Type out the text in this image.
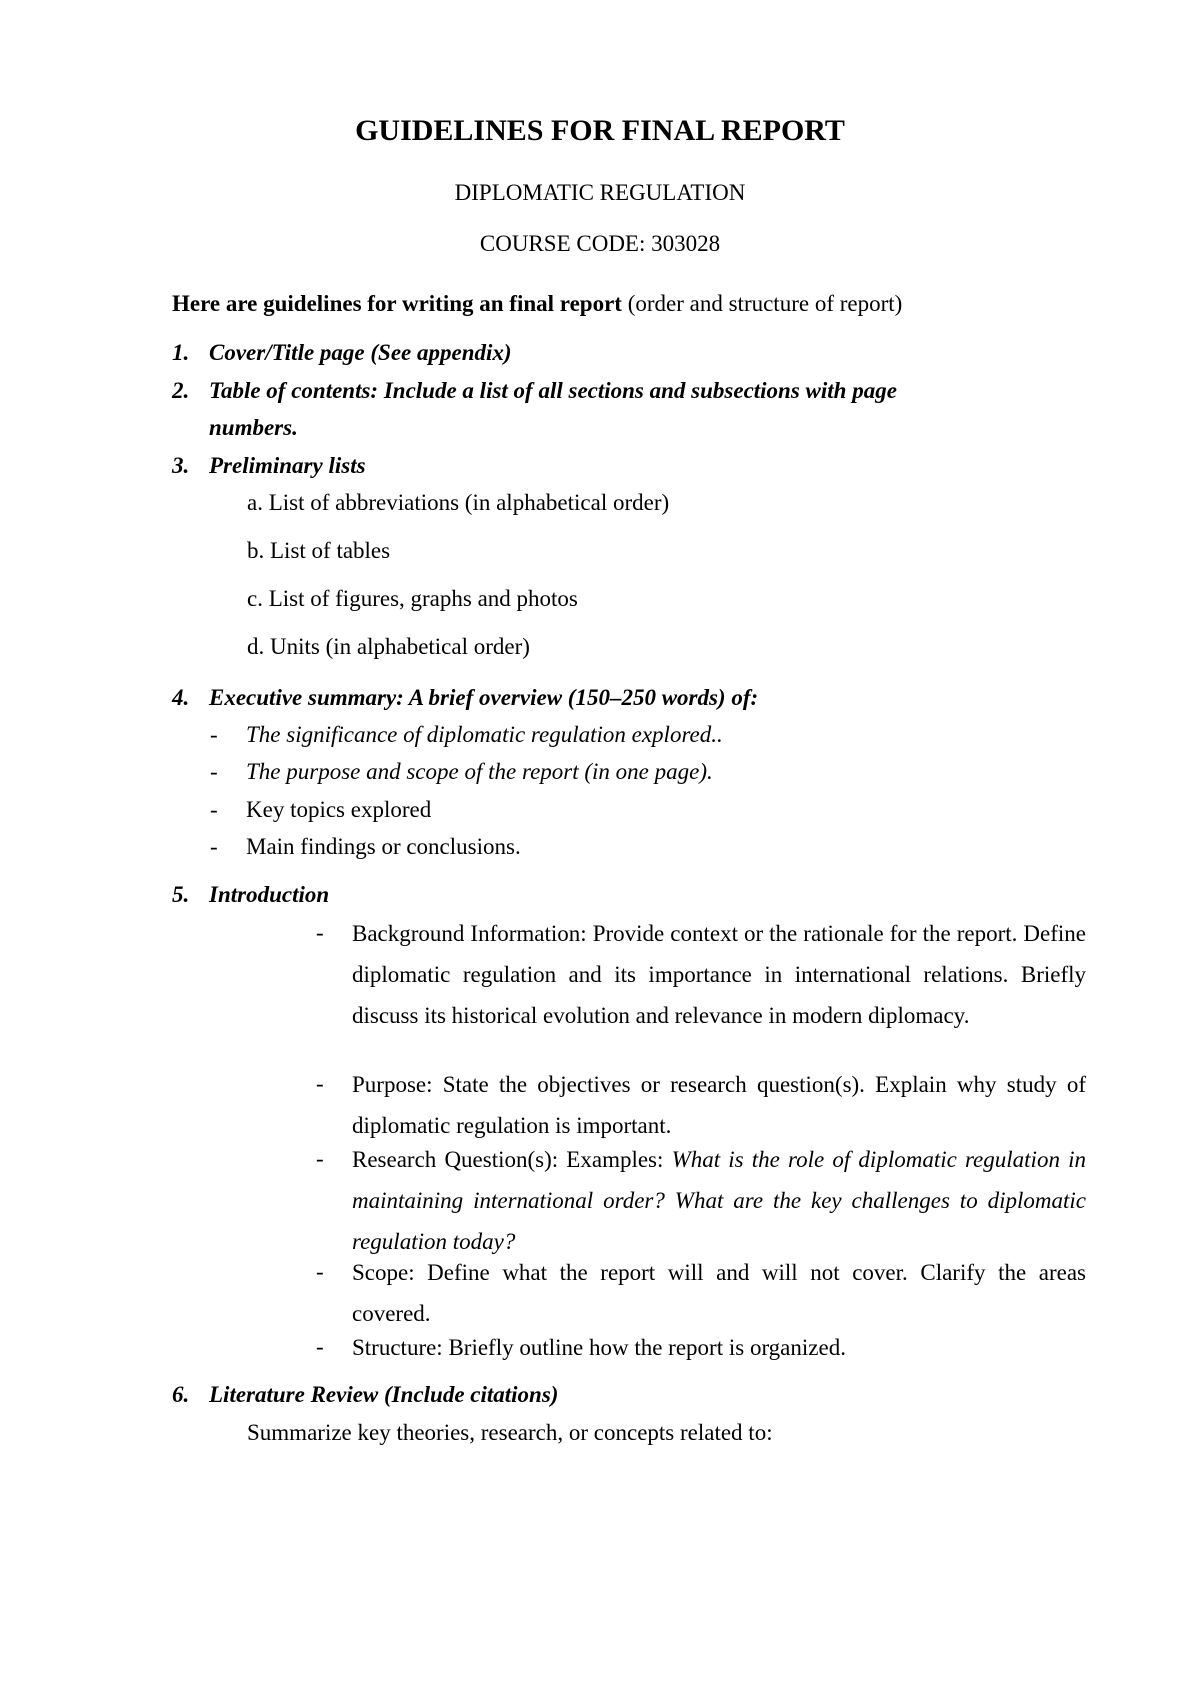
GUIDELINES FOR FINAL REPORT
DIPLOMATIC REGULATION
COURSE CODE: 303028
Here are guidelines for writing an final report (order and structure of report)
1. Cover/Title page (See appendix)
2. Table of contents: Include a list of all sections and subsections with page
numbers.
3. Preliminary lists
a. List of abbreviations (in alphabetical order)
b. List of tables
c. List of figures, graphs and photos
d. Units (in alphabetical order)
4. Executive summary: A brief overview (150–250 words) of:
- The significance of diplomatic regulation explored..
- The purpose and scope of the report (in one page).
- Key topics explored
- Main findings or conclusions.
5. Introduction
- Background Information: Provide context or the rationale for the report. Define diplomatic regulation and its importance in international relations. Briefly discuss its historical evolution and relevance in modern diplomacy.
- Purpose: State the objectives or research question(s). Explain why study of diplomatic regulation is important.
- Research Question(s): Examples: What is the role of diplomatic regulation in maintaining international order? What are the key challenges to diplomatic regulation today?
- Scope: Define what the report will and will not cover. Clarify the areas covered.
- Structure: Briefly outline how the report is organized.
6. Literature Review (Include citations)
Summarize key theories, research, or concepts related to:
